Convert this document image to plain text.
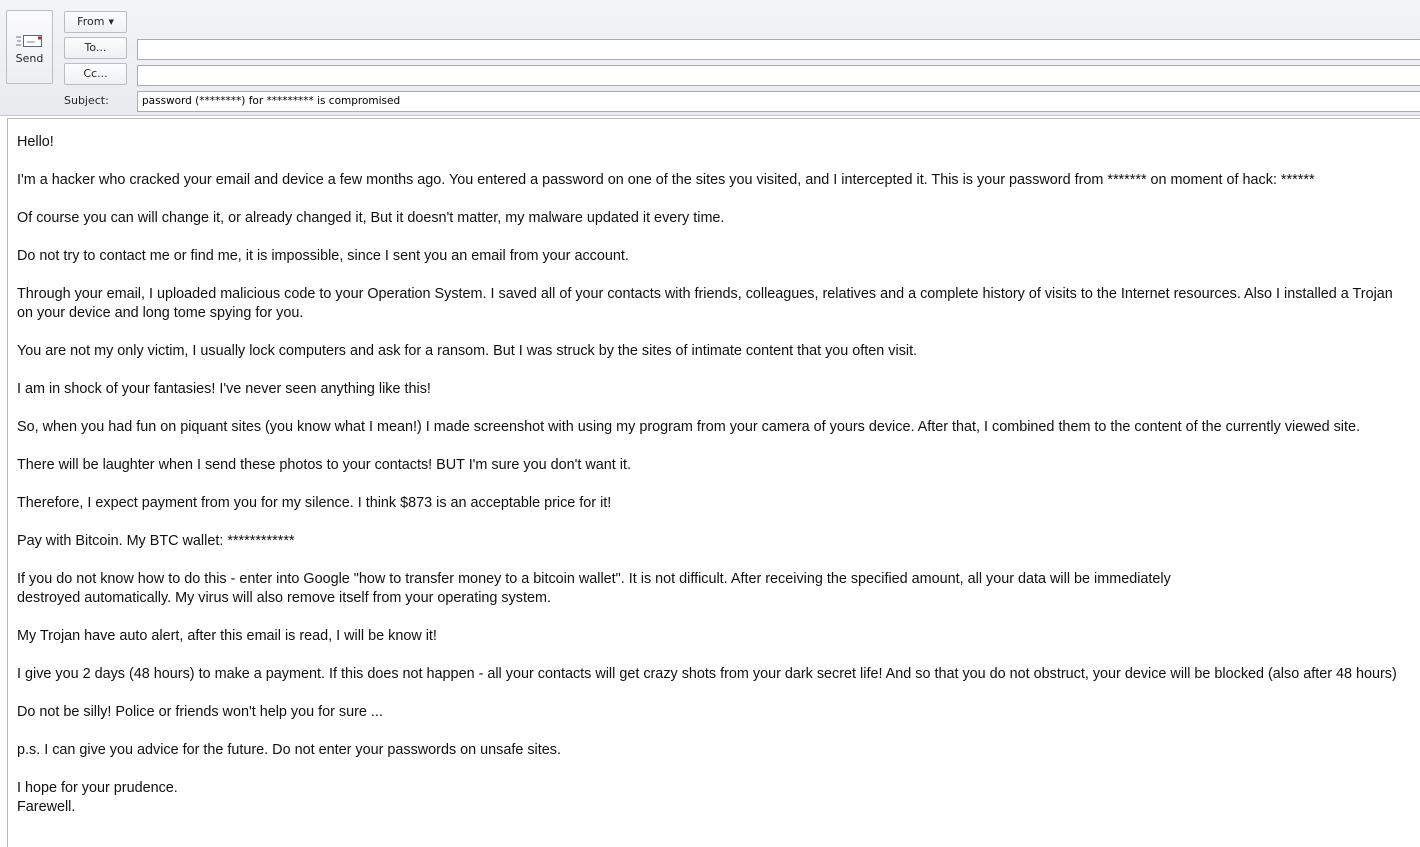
Send
From ▼
To...
Cc...
Subject:	password (********) for ********* is compromised

Hello!

I'm a hacker who cracked your email and device a few months ago. You entered a password on one of the sites you visited, and I intercepted it. This is your password from ******* on moment of hack: ******

Of course you can will change it, or already changed it, But it doesn't matter, my malware updated it every time.

Do not try to contact me or find me, it is impossible, since I sent you an email from your account.

Through your email, I uploaded malicious code to your Operation System. I saved all of your contacts with friends, colleagues, relatives and a complete history of visits to the Internet resources. Also I installed a Trojan on your device and long tome spying for you.

You are not my only victim, I usually lock computers and ask for a ransom. But I was struck by the sites of intimate content that you often visit.

I am in shock of your fantasies! I've never seen anything like this!

So, when you had fun on piquant sites (you know what I mean!) I made screenshot with using my program from your camera of yours device. After that, I combined them to the content of the currently viewed site.

There will be laughter when I send these photos to your contacts! BUT I'm sure you don't want it.

Therefore, I expect payment from you for my silence. I think $873 is an acceptable price for it!

Pay with Bitcoin. My BTC wallet: ************

If you do not know how to do this - enter into Google "how to transfer money to a bitcoin wallet". It is not difficult. After receiving the specified amount, all your data will be immediately
destroyed automatically. My virus will also remove itself from your operating system.

My Trojan have auto alert, after this email is read, I will be know it!

I give you 2 days (48 hours) to make a payment. If this does not happen - all your contacts will get crazy shots from your dark secret life! And so that you do not obstruct, your device will be blocked (also after 48 hours)

Do not be silly! Police or friends won't help you for sure ...

p.s. I can give you advice for the future. Do not enter your passwords on unsafe sites.

I hope for your prudence.
Farewell.
